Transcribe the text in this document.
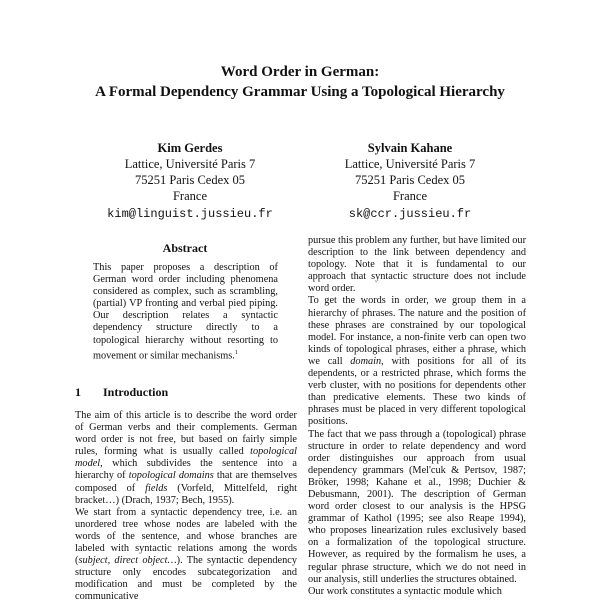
Word Order in German:

A Formal Dependency Grammar Using a Topological Hierarchy

Kim Gerdes
Lattice, Université Paris 7
75251 Paris Cedex 05
France
kim@linguist.jussieu.fr
Sylvain Kahane
Lattice, Université Paris 7
75251 Paris Cedex 05
France
sk@ccr.jussieu.fr
Abstract
This paper proposes a description of German word order including phenomena considered as complex, such as scrambling, (partial) VP fronting and verbal pied piping. Our description relates a syntactic dependency structure directly to a topological hierarchy without resorting to movement or similar mechanisms.$^1$
1 Introduction

The aim of this article is to describe the word order of German verbs and their complements. German word order is not free, but based on fairly simple rules, forming what is usually called topological model, which subdivides the sentence into a hierarchy of topological domains that are themselves composed of fields (Vorfeld, Mittelfeld, right bracket…) (Drach, 1937; Bech, 1955).

We start from a syntactic dependency tree, i.e. an unordered tree whose nodes are labeled with the words of the sentence, and whose branches are labeled with syntactic relations among the words (subject, direct object…). The syntactic dependency structure only encodes subcategorization and modification and must be completed by the communicative

pursue this problem any further, but have limited our description to the link between dependency and topology. Note that it is fundamental to our approach that syntactic structure does not include word order.

To get the words in order, we group them in a hierarchy of phrases. The nature and the position of these phrases are constrained by our topological model. For instance, a non-finite verb can open two kinds of topological phrases, either a phrase, which we call domain, with positions for all of its dependents, or a restricted phrase, which forms the verb cluster, with no positions for dependents other than predicative elements. These two kinds of phrases must be placed in very different topological positions.

The fact that we pass through a (topological) phrase structure in order to relate dependency and word order distinguishes our approach from usual dependency grammars (Mel'cuk & Pertsov, 1987; Bröker, 1998; Kahane et al., 1998; Duchier & Debusmann, 2001). The description of German word order closest to our analysis is the HPSG grammar of Kathol (1995; see also Reape 1994), who proposes linearization rules exclusively based on a formalization of the topological structure. However, as required by the formalism he uses, a regular phrase structure, which we do not need in our analysis, still underlies the structures obtained.

Our work constitutes a syntactic module which
